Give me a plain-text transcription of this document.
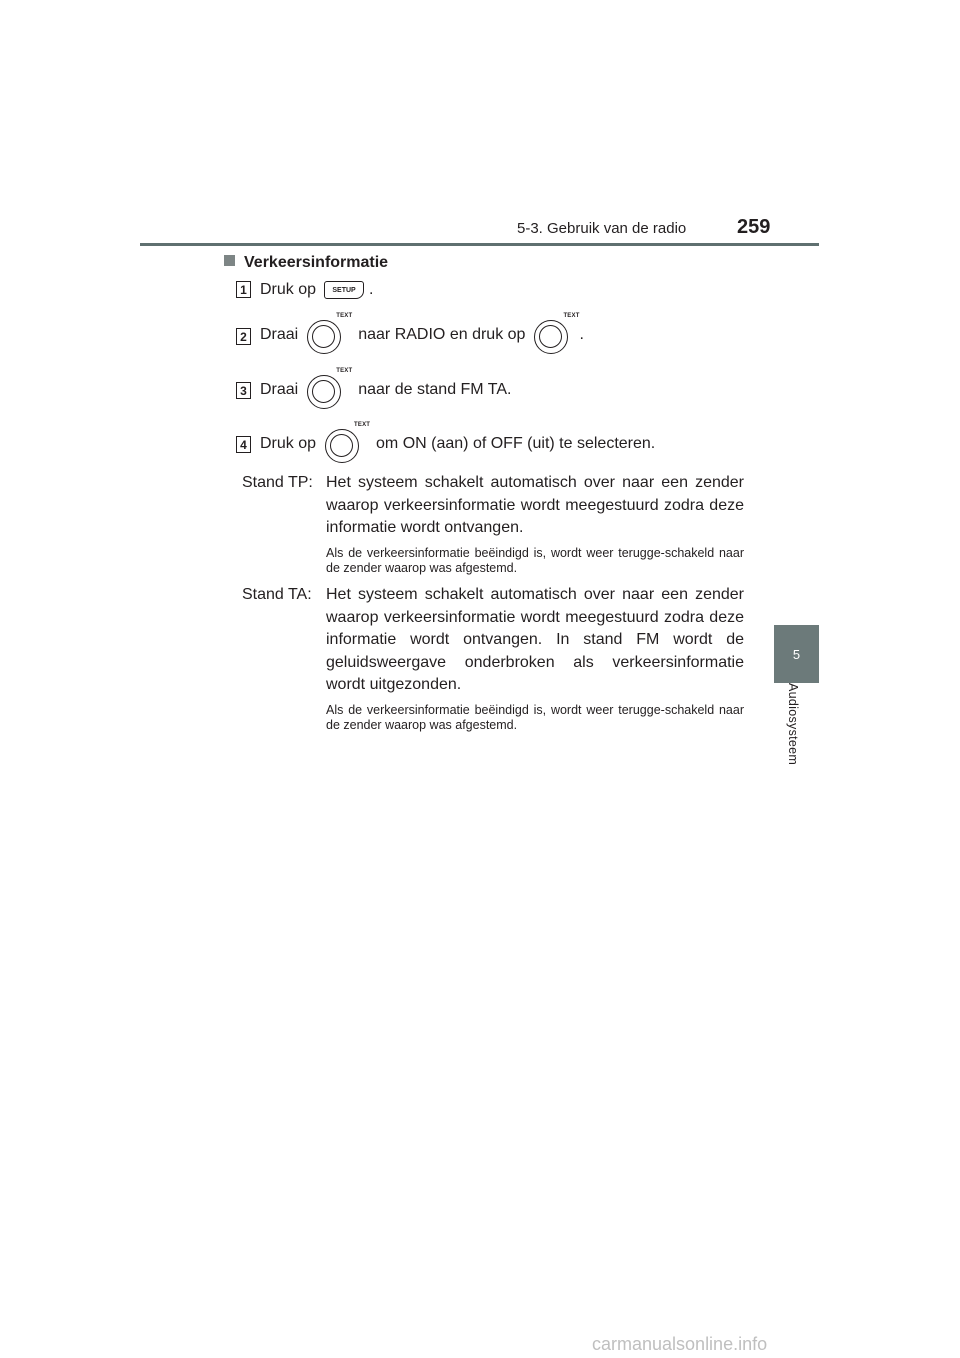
5-3. Gebruik van de radio	259
5
Audiosysteem
Verkeersinformatie
1 Druk op	SETUP .
2 Draai
TEXT
naar RADIO en druk op
TEXT
.
3 Draai
TEXT
naar de stand FM TA.
4 Druk op
TEXT
om ON (aan) of OFF (uit) te selecteren.
Stand TP: Het systeem schakelt automatisch over naar een zender waarop verkeersinformatie wordt meegestuurd zodra deze informatie wordt ontvangen.
Als de verkeersinformatie beëindigd is, wordt weer terugge-schakeld naar de zender waarop was afgestemd.
Stand TA: Het systeem schakelt automatisch over naar een zender waarop verkeersinformatie wordt meegestuurd zodra deze informatie wordt ontvangen. In stand FM wordt de geluidsweergave onderbroken als verkeersinformatie wordt uitgezonden.
Als de verkeersinformatie beëindigd is, wordt weer terugge-schakeld naar de zender waarop was afgestemd.
carmanualsonline.info
